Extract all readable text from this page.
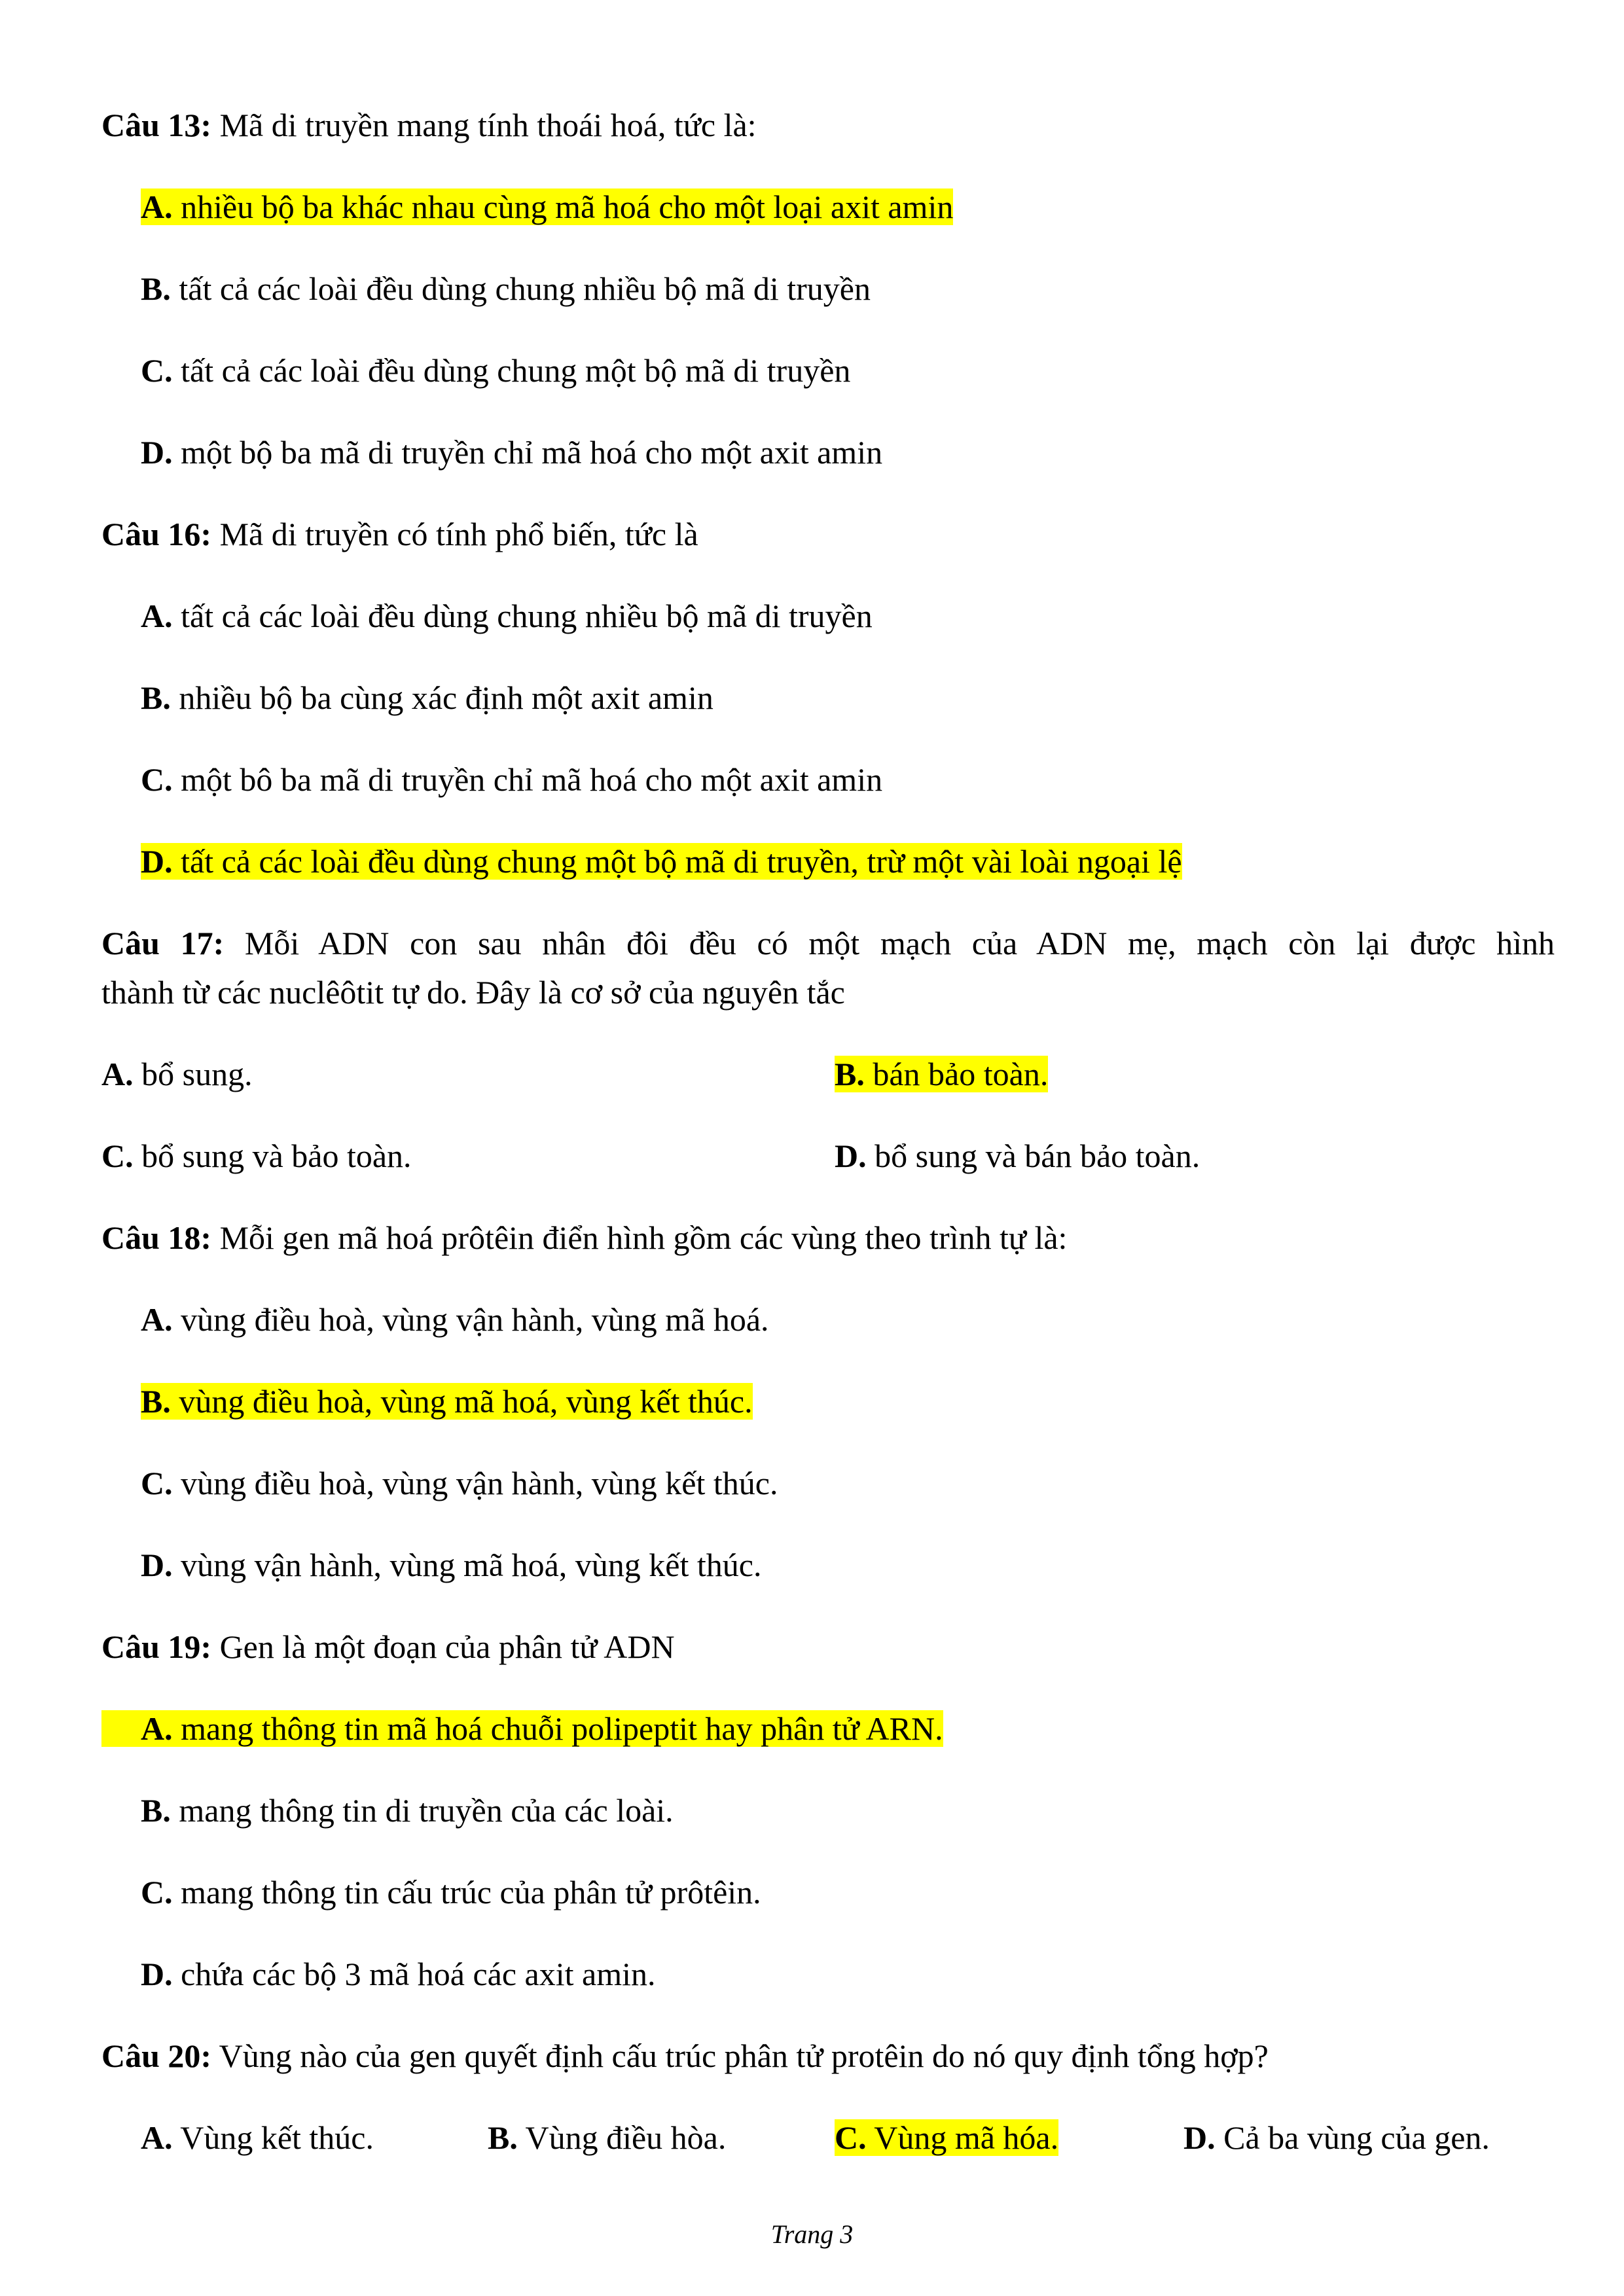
Câu 13: Mã di truyền mang tính thoái hoá, tức là:
A. nhiều bộ ba khác nhau cùng mã hoá cho một loại axit amin
B. tất cả các loài đều dùng chung nhiều bộ mã di truyền
C. tất cả các loài đều dùng chung một bộ mã di truyền
D. một bộ ba mã di truyền chỉ mã hoá cho một axit amin
Câu 16: Mã di truyền có tính phổ biến, tức là
A. tất cả các loài đều dùng chung nhiều bộ mã di truyền
B. nhiều bộ ba cùng xác định một axit amin
C. một bô ba mã di truyền chỉ mã hoá cho một axit amin
D. tất cả các loài đều dùng chung một bộ mã di truyền, trừ một vài loài ngoại lệ
Câu 17: Mỗi ADN con sau nhân đôi đều có một mạch của ADN mẹ, mạch còn lại được hình
thành từ các nuclêôtit tự do. Đây là cơ sở của nguyên tắc
A. bổ sung.	B. bán bảo toàn.
C. bổ sung và bảo toàn.	D. bổ sung và bán bảo toàn.
Câu 18: Mỗi gen mã hoá prôtêin điển hình gồm các vùng theo trình tự là:
A. vùng điều hoà, vùng vận hành, vùng mã hoá.
B. vùng điều hoà, vùng mã hoá, vùng kết thúc.
C. vùng điều hoà, vùng vận hành, vùng kết thúc.
D. vùng vận hành, vùng mã hoá, vùng kết thúc.
Câu 19: Gen là một đoạn của phân tử ADN
A. mang thông tin mã hoá chuỗi polipeptit hay phân tử ARN.
B. mang thông tin di truyền của các loài.
C. mang thông tin cấu trúc của phân tử prôtêin.
D. chứa các bộ 3 mã hoá các axit amin.
Câu 20: Vùng nào của gen quyết định cấu trúc phân tử protêin do nó quy định tổng hợp?
A. Vùng kết thúc.	B. Vùng điều hòa.	C. Vùng mã hóa.	D. Cả ba vùng của gen.
Trang 3
